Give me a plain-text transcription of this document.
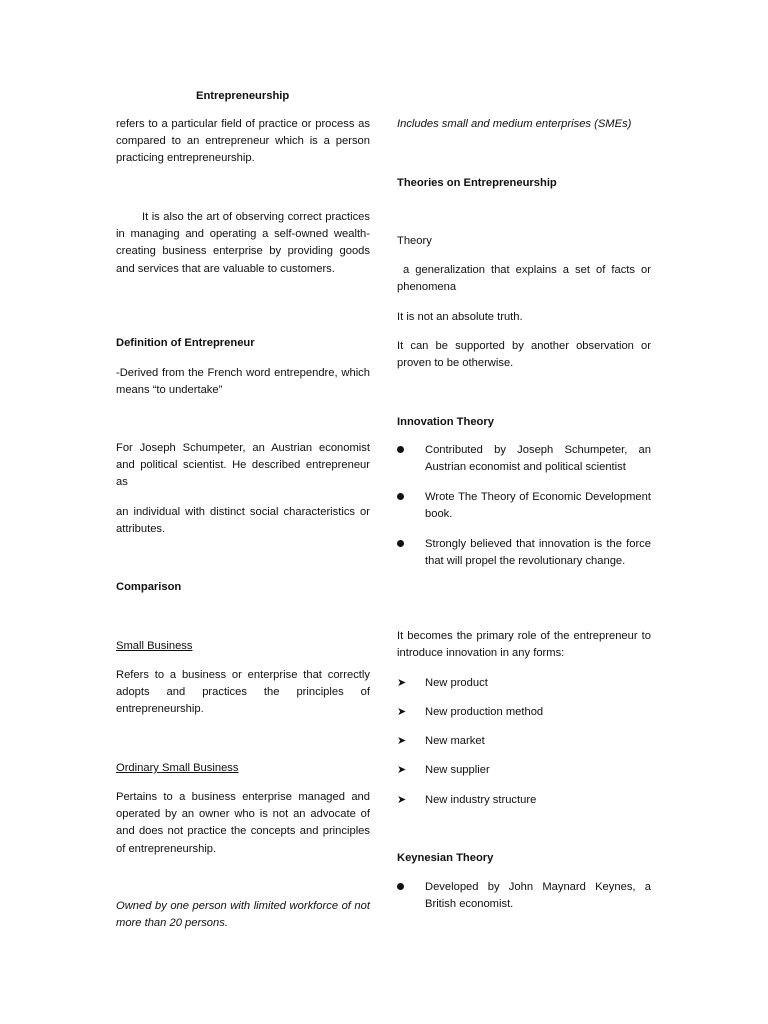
Entrepreneurship

refers to a particular field of practice or process as compared to an entrepreneur which is a person practicing entrepreneurship.

It is also the art of observing correct practices in managing and operating a self-owned wealth-creating business enterprise by providing goods and services that are valuable to customers.

Definition of Entrepreneur

-Derived from the French word entrependre, which means “to undertake”

For Joseph Schumpeter, an Austrian economist and political scientist. He described entrepreneur as

an individual with distinct social characteristics or attributes.

Comparison

Small Business

Refers to a business or enterprise that correctly adopts and practices the principles of entrepreneurship.

Ordinary Small Business

Pertains to a business enterprise managed and operated by an owner who is not an advocate of and does not practice the concepts and principles of entrepreneurship.

Owned by one person with limited workforce of not more than 20 persons.

Includes small and medium enterprises (SMEs)

Theories on Entrepreneurship

Theory

a generalization that explains a set of facts or phenomena

It is not an absolute truth.

It can be supported by another observation or proven to be otherwise.

Innovation Theory

Contributed by Joseph Schumpeter, an Austrian economist and political scientist
Wrote The Theory of Economic Development book.
Strongly believed that innovation is the force that will propel the revolutionary change.

It becomes the primary role of the entrepreneur to introduce innovation in any forms:

➤ New product
➤ New production method
➤ New market
➤ New supplier
➤ New industry structure

Keynesian Theory

Developed by John Maynard Keynes, a British economist.
